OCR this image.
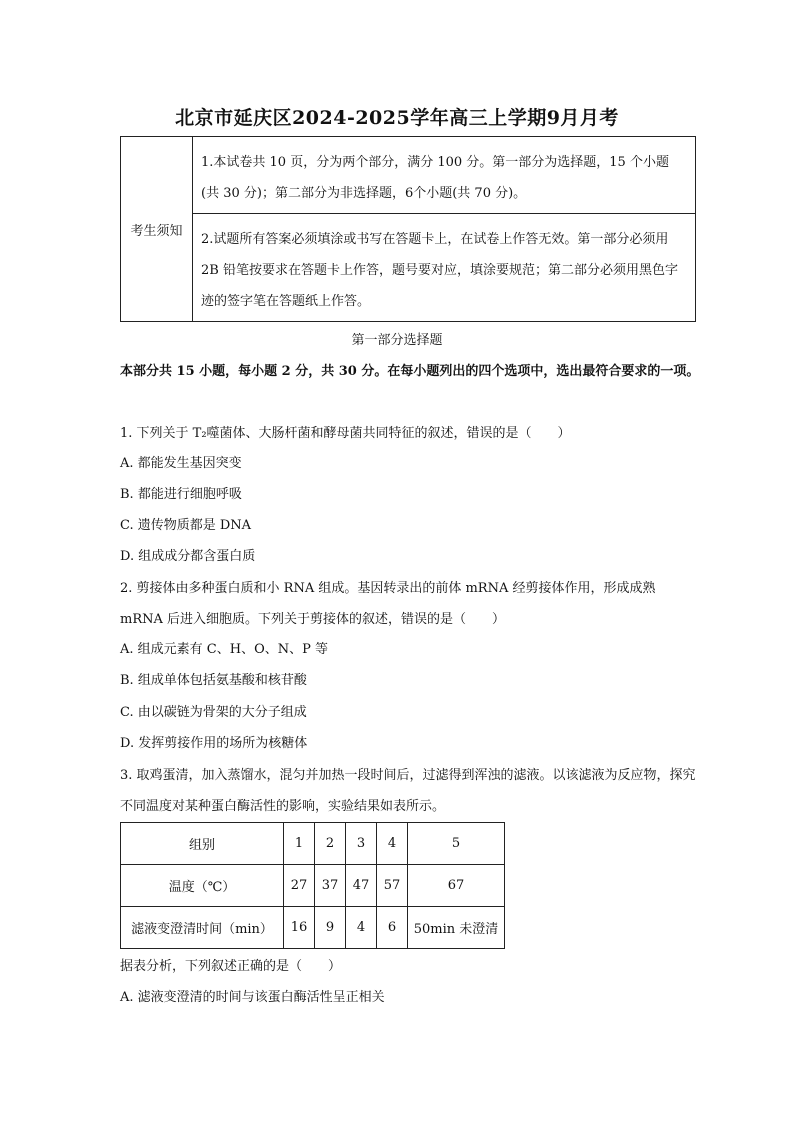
北京市延庆区2024-2025学年高三上学期9月月考
考生须知
1.本试卷共 10 页，分为两个部分，满分 100 分。第一部分为选择题，15 个小题 (共 30 分)；第二部分为非选择题，6个小题(共 70 分)。
2.试题所有答案必须填涂或书写在答题卡上，在试卷上作答无效。第一部分必须用 2B 铅笔按要求在答题卡上作答，题号要对应，填涂要规范；第二部分必须用黑色字迹的签字笔在答题纸上作答。
第一部分选择题
本部分共 15 小题，每小题 2 分，共 30 分。在每小题列出的四个选项中，选出最符合要求的一项。
1. 下列关于 T₂噬菌体、大肠杆菌和酵母菌共同特征的叙述，错误的是（　　）
A. 都能发生基因突变
B. 都能进行细胞呼吸
C. 遗传物质都是 DNA
D. 组成成分都含蛋白质
2. 剪接体由多种蛋白质和小 RNA 组成。基因转录出的前体 mRNA 经剪接体作用，形成成熟 mRNA 后进入细胞质。下列关于剪接体的叙述，错误的是（　　）
A. 组成元素有 C、H、O、N、P 等
B. 组成单体包括氨基酸和核苷酸
C. 由以碳链为骨架的大分子组成
D. 发挥剪接作用的场所为核糖体
3. 取鸡蛋清，加入蒸馏水，混匀并加热一段时间后，过滤得到浑浊的滤液。以该滤液为反应物，探究不同温度对某种蛋白酶活性的影响，实验结果如表所示。
组别	1	2	3	4	5
温度（℃）	27	37	47	57	67
滤液变澄清时间（min）	16	9	4	6	50min 未澄清
据表分析，下列叙述正确的是（　　）
A. 滤液变澄清的时间与该蛋白酶活性呈正相关
